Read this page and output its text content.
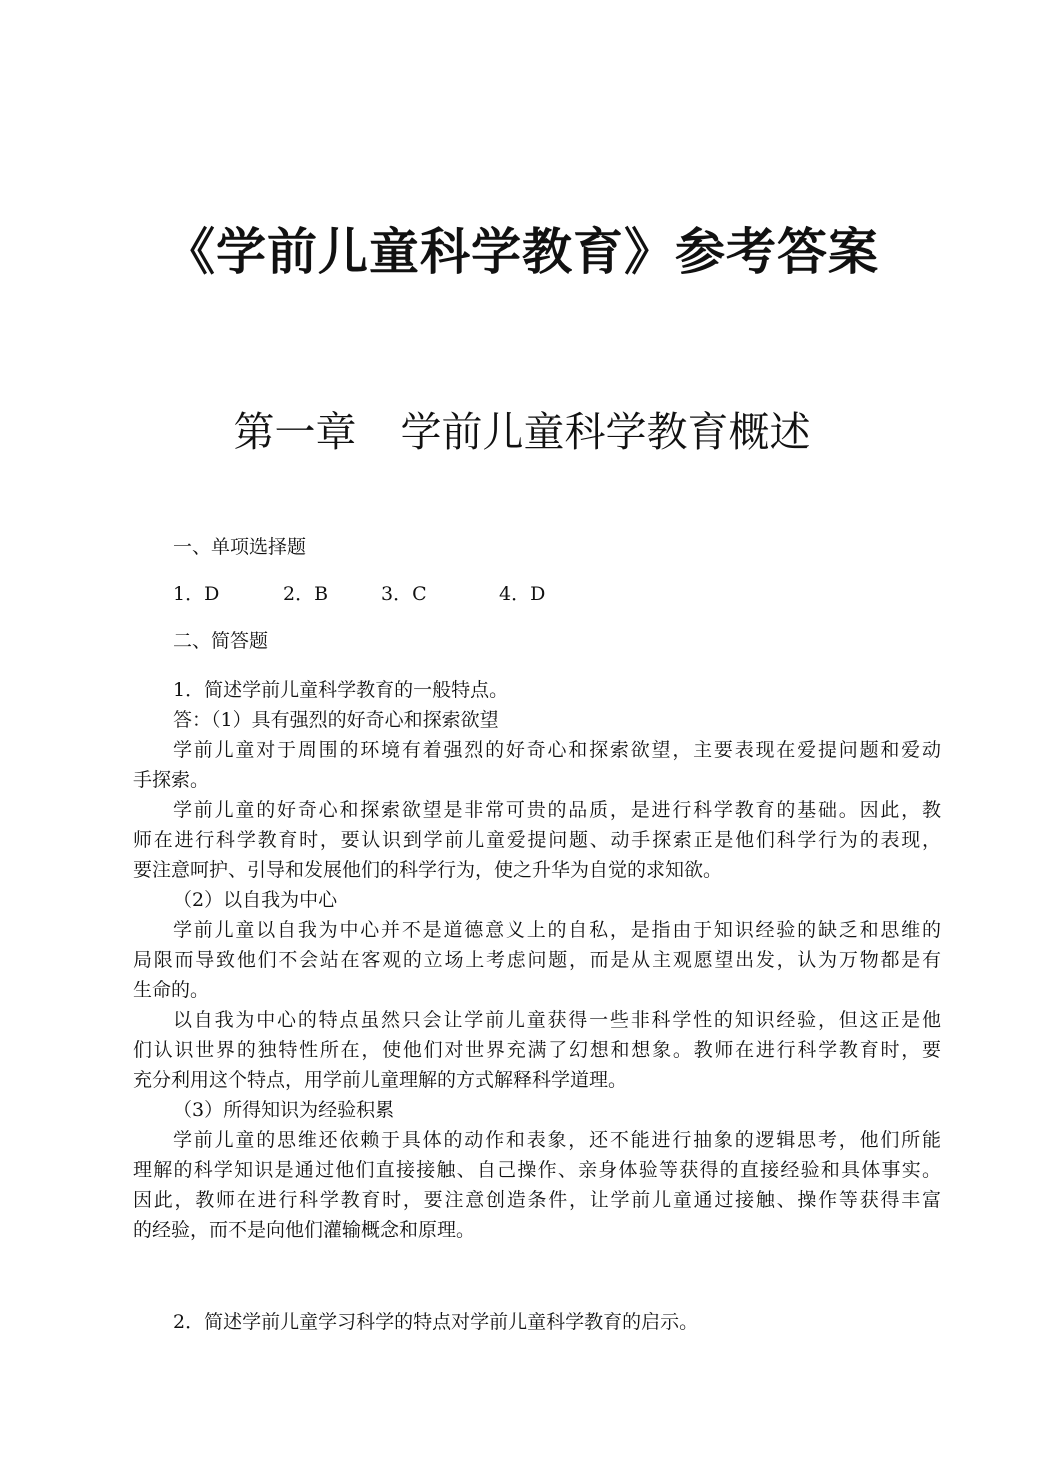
《学前儿童科学教育》参考答案
第一章 学前儿童科学教育概述
一、单项选择题
1．D	2．B	3．C	4．D
二、简答题
1．简述学前儿童科学教育的一般特点。
答：（1）具有强烈的好奇心和探索欲望
学前儿童对于周围的环境有着强烈的好奇心和探索欲望，主要表现在爱提问题和爱动
手探索。
学前儿童的好奇心和探索欲望是非常可贵的品质，是进行科学教育的基础。因此，教
师在进行科学教育时，要认识到学前儿童爱提问题、动手探索正是他们科学行为的表现，
要注意呵护、引导和发展他们的科学行为，使之升华为自觉的求知欲。
（2）以自我为中心
学前儿童以自我为中心并不是道德意义上的自私，是指由于知识经验的缺乏和思维的
局限而导致他们不会站在客观的立场上考虑问题，而是从主观愿望出发，认为万物都是有
生命的。
以自我为中心的特点虽然只会让学前儿童获得一些非科学性的知识经验，但这正是他
们认识世界的独特性所在，使他们对世界充满了幻想和想象。教师在进行科学教育时，要
充分利用这个特点，用学前儿童理解的方式解释科学道理。
（3）所得知识为经验积累
学前儿童的思维还依赖于具体的动作和表象，还不能进行抽象的逻辑思考，他们所能
理解的科学知识是通过他们直接接触、自己操作、亲身体验等获得的直接经验和具体事实。
因此，教师在进行科学教育时，要注意创造条件，让学前儿童通过接触、操作等获得丰富
的经验，而不是向他们灌输概念和原理。
2．简述学前儿童学习科学的特点对学前儿童科学教育的启示。
